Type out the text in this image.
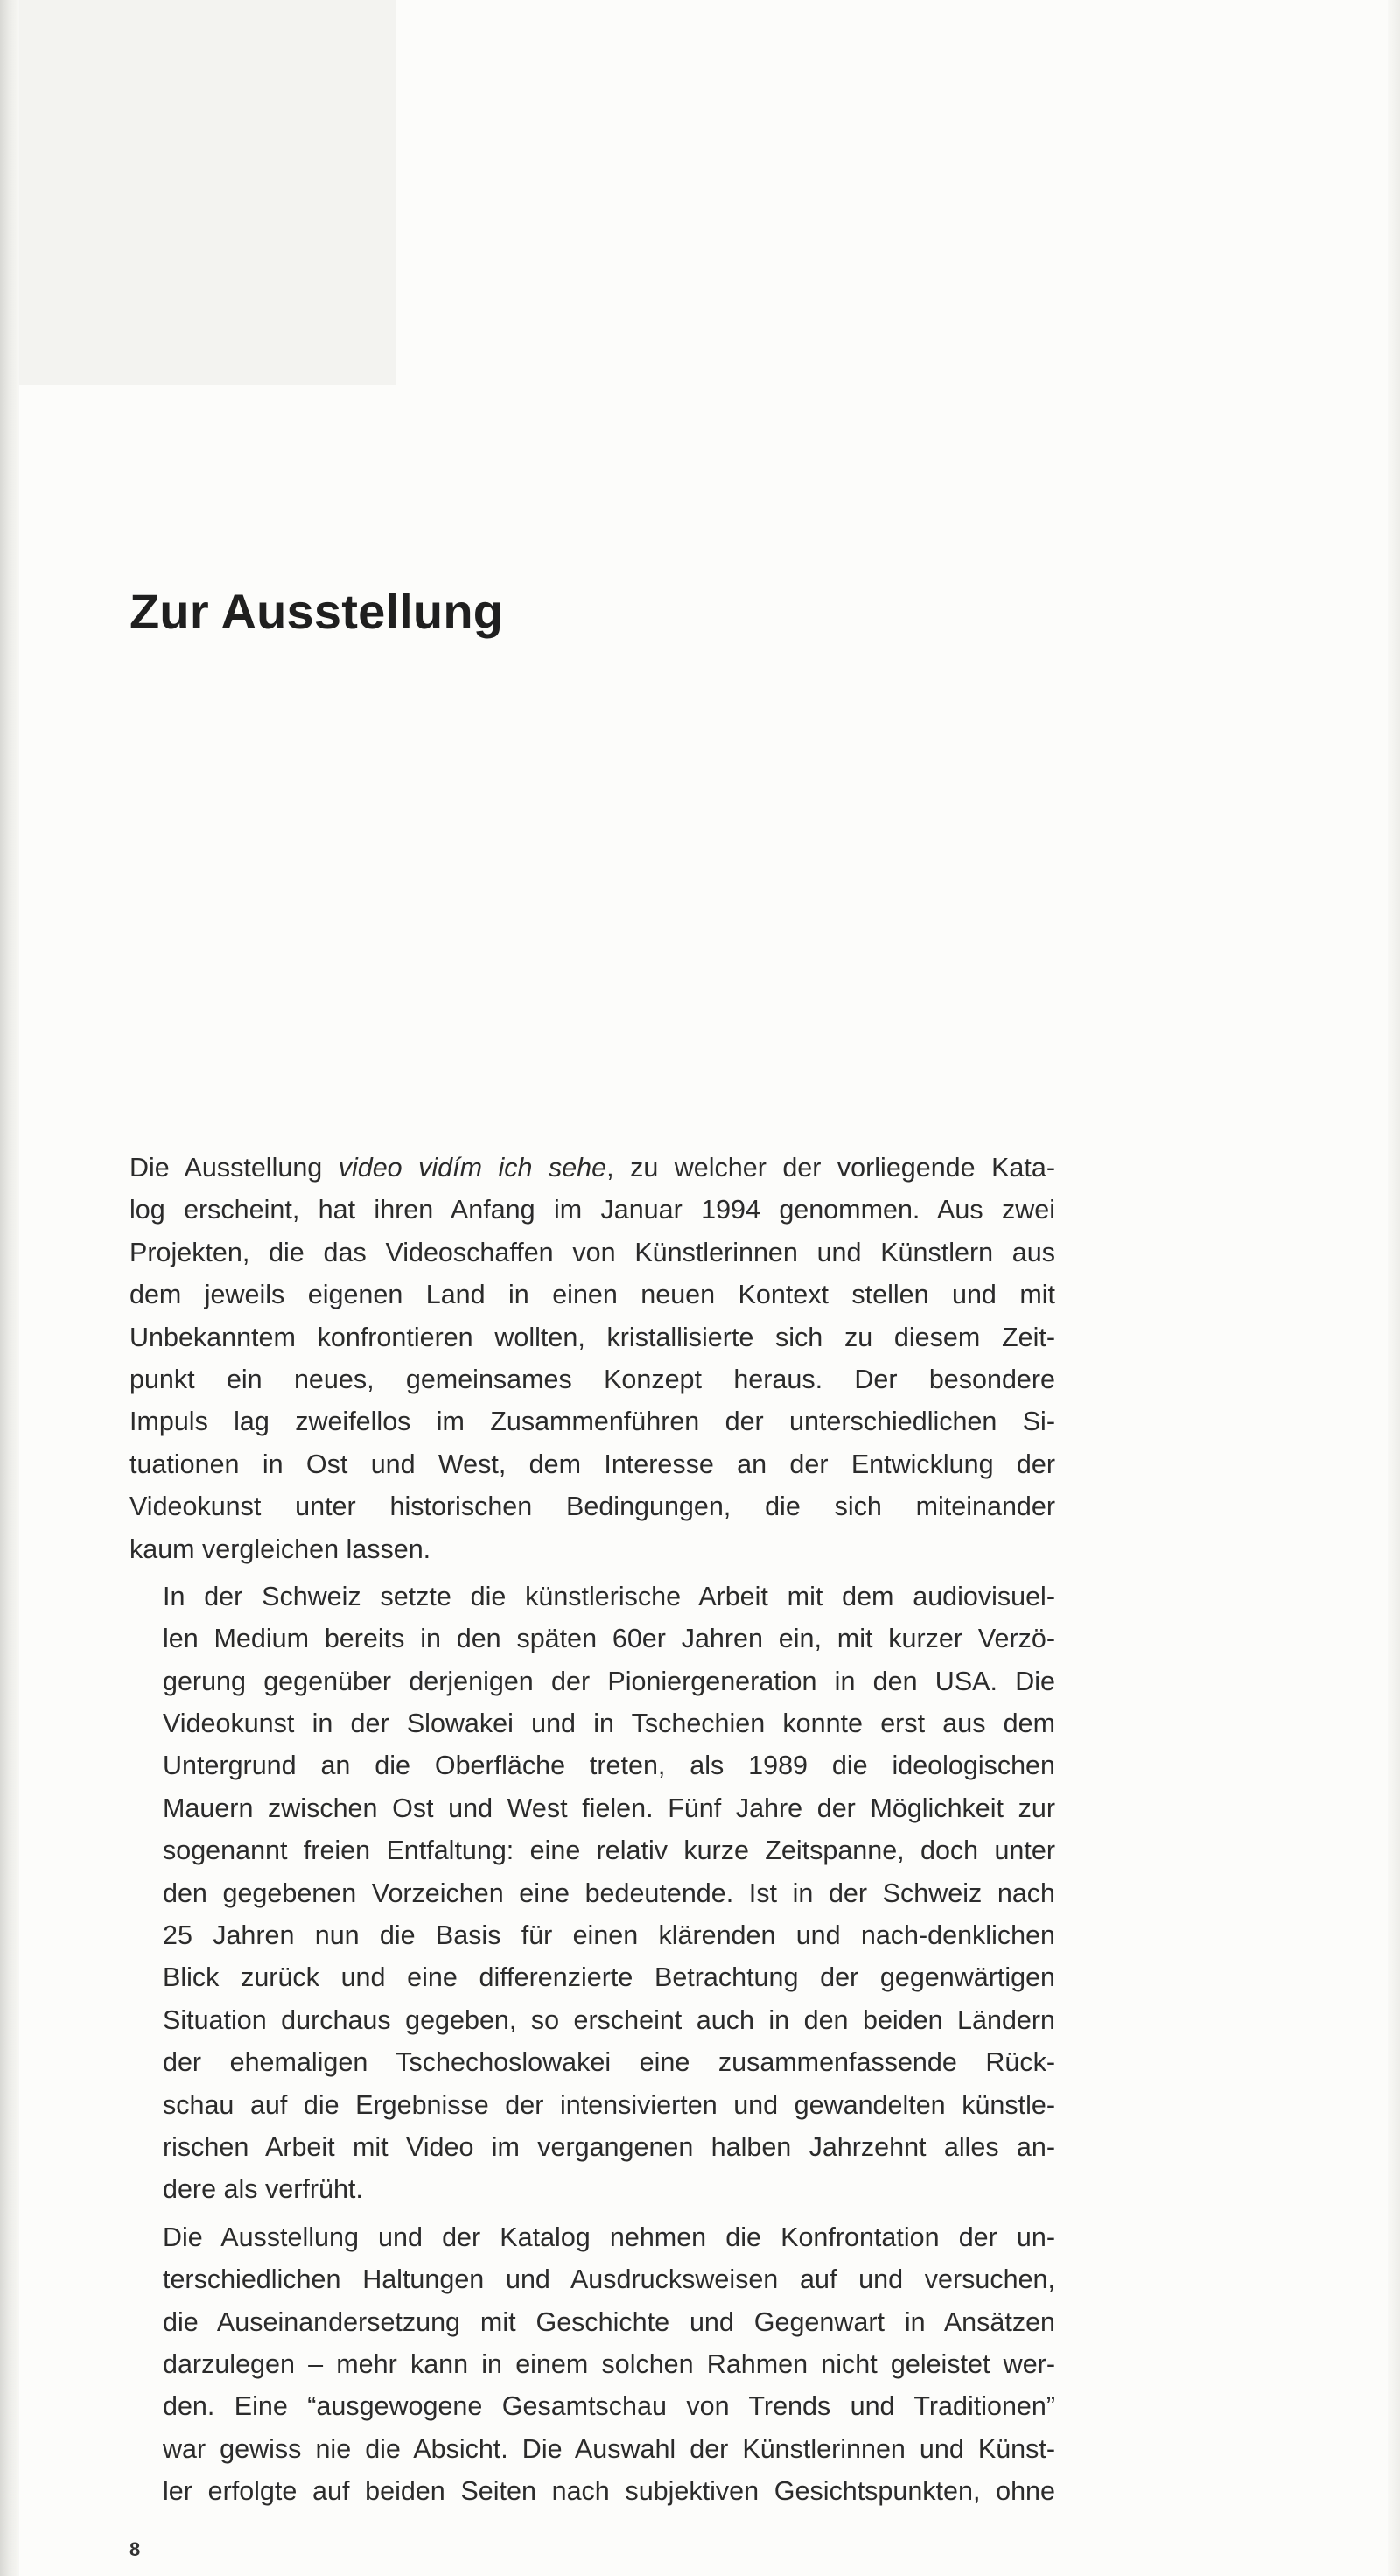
Zur Ausstellung

Die Ausstellung video vidím ich sehe, zu welcher der vorliegende Kata-
log erscheint, hat ihren Anfang im Januar 1994 genommen. Aus zwei
Projekten, die das Videoschaffen von Künstlerinnen und Künstlern aus
dem jeweils eigenen Land in einen neuen Kontext stellen und mit
Unbekanntem konfrontieren wollten, kristallisierte sich zu diesem Zeit-
punkt ein neues, gemeinsames Konzept heraus. Der besondere
Impuls lag zweifellos im Zusammenführen der unterschiedlichen Si-
tuationen in Ost und West, dem Interesse an der Entwicklung der
Videokunst unter historischen Bedingungen, die sich miteinander
kaum vergleichen lassen.

In der Schweiz setzte die künstlerische Arbeit mit dem audiovisuel-
len Medium bereits in den späten 60er Jahren ein, mit kurzer Verzö-
gerung gegenüber derjenigen der Pioniergeneration in den USA. Die
Videokunst in der Slowakei und in Tschechien konnte erst aus dem
Untergrund an die Oberfläche treten, als 1989 die ideologischen
Mauern zwischen Ost und West fielen. Fünf Jahre der Möglichkeit zur
sogenannt freien Entfaltung: eine relativ kurze Zeitspanne, doch unter
den gegebenen Vorzeichen eine bedeutende. Ist in der Schweiz nach
25 Jahren nun die Basis für einen klärenden und nach-denklichen
Blick zurück und eine differenzierte Betrachtung der gegenwärtigen
Situation durchaus gegeben, so erscheint auch in den beiden Ländern
der ehemaligen Tschechoslowakei eine zusammenfassende Rück-
schau auf die Ergebnisse der intensivierten und gewandelten künstle-
rischen Arbeit mit Video im vergangenen halben Jahrzehnt alles an-
dere als verfrüht.

Die Ausstellung und der Katalog nehmen die Konfrontation der un-
terschiedlichen Haltungen und Ausdrucksweisen auf und versuchen,
die Auseinandersetzung mit Geschichte und Gegenwart in Ansätzen
darzulegen – mehr kann in einem solchen Rahmen nicht geleistet wer-
den. Eine “ausgewogene Gesamtschau von Trends und Traditionen”
war gewiss nie die Absicht. Die Auswahl der Künstlerinnen und Künst-
ler erfolgte auf beiden Seiten nach subjektiven Gesichtspunkten, ohne

8
